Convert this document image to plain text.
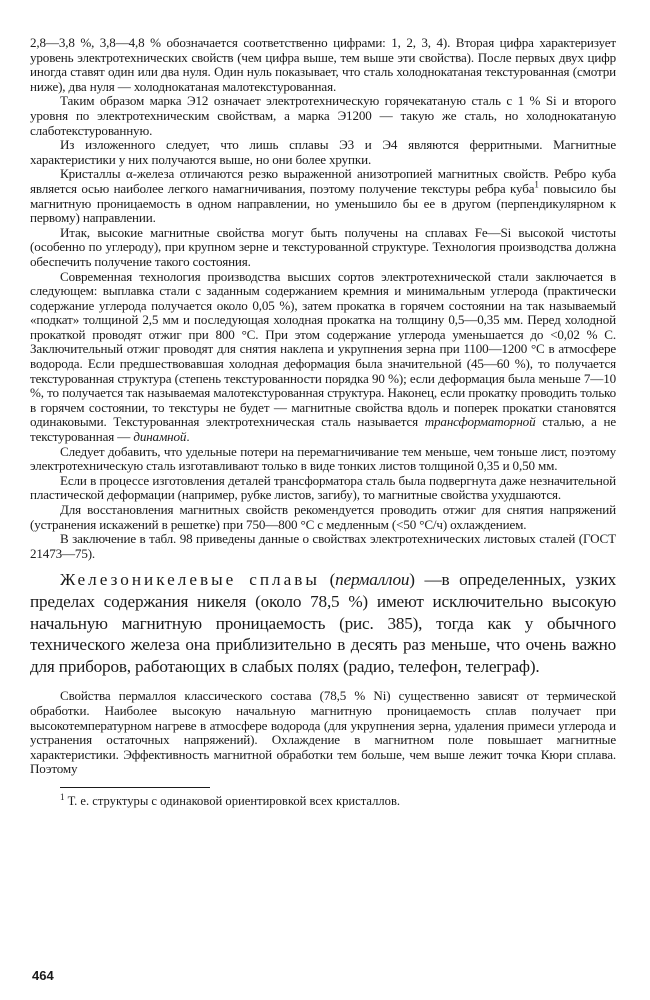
2,8—3,8 %, 3,8—4,8 % обозначается соответственно цифрами: 1, 2, 3, 4). Вторая цифра характеризует уровень электротехнических свойств (чем цифра выше, тем выше эти свойства). После первых двух цифр иногда ставят один или два нуля. Один нуль показывает, что сталь холоднокатаная текстурованная (смотри ниже), два нуля — холоднокатаная малотекстурованная.

Таким образом марка Э12 означает электротехническую горячекатаную сталь с 1 % Si и второго уровня по электротехническим свойствам, а марка Э1200 — такую же сталь, но холоднокатаную слаботекстурованную.

Из изложенного следует, что лишь сплавы Э3 и Э4 являются ферритными. Магнитные характеристики у них получаются выше, но они более хрупки.

Кристаллы α-железа отличаются резко выраженной анизотропией магнитных свойств. Ребро куба является осью наиболее легкого намагничивания, поэтому получение текстуры ребра куба$^1$ повысило бы магнитную проницаемость в одном направлении, но уменьшило бы ее в другом (перпендикулярном к первому) направлении.

Итак, высокие магнитные свойства могут быть получены на сплавах Fe—Si высокой чистоты (особенно по углероду), при крупном зерне и текстурованной структуре. Технология производства должна обеспечить получение такого состояния.

Современная технология производства высших сортов электротехнической стали заключается в следующем: выплавка стали с заданным содержанием кремния и минимальным углерода (практически содержание углерода получается около 0,05 %), затем прокатка в горячем состоянии на так называемый «подкат» толщиной 2,5 мм и последующая холодная прокатка на толщину 0,5—0,35 мм. Перед холодной прокаткой проводят отжиг при 800 °С. При этом содержание углерода уменьшается до <0,02 % С. Заключительный отжиг проводят для снятия наклепа и укрупнения зерна при 1100—1200 °С в атмосфере водорода. Если предшествовавшая холодная деформация была значительной (45—60 %), то получается текстурованная структура (степень текстурованности порядка 90 %); если деформация была меньше 7—10 %, то получается так называемая малотекстурованная структура. Наконец, если прокатку проводить только в горячем состоянии, то текстуры не будет — магнитные свойства вдоль и поперек прокатки становятся одинаковыми. Текстурованная электротехническая сталь называется трансформаторной сталью, а не текстурованная — динамной.

Следует добавить, что удельные потери на перемагничивание тем меньше, чем тоньше лист, поэтому электротехническую сталь изготавливают только в виде тонких листов толщиной 0,35 и 0,50 мм.

Если в процессе изготовления деталей трансформатора сталь была подвергнута даже незначительной пластической деформации (например, рубке листов, загибу), то магнитные свойства ухудшаются.

Для восстановления магнитных свойств рекомендуется проводить отжиг для снятия напряжений (устранения искажений в решетке) при 750—800 °С с медленным (<50 °С/ч) охлаждением.

В заключение в табл. 98 приведены данные о свойствах электротехнических листовых сталей (ГОСТ 21473—75).

Железоникелевые сплавы (пермаллои) —в определенных, узких пределах содержания никеля (около 78,5 %) имеют исключительно высокую начальную магнитную проницаемость (рис. 385), тогда как у обычного технического железа она приблизительно в десять раз меньше, что очень важно для приборов, работающих в слабых полях (радио, телефон, телеграф).

Свойства пермаллоя классического состава (78,5 % Ni) существенно зависят от термической обработки. Наиболее высокую начальную магнитную проницаемость сплав получает при высокотемпературном нагреве в атмосфере водорода (для укрупнения зерна, удаления примеси углерода и устранения остаточных напряжений). Охлаждение в магнитном поле повышает магнитные характеристики. Эффективность магнитной обработки тем больше, чем выше лежит точка Кюри сплава. Поэтому

$^1$ Т. е. структуры с одинаковой ориентировкой всех кристаллов.

464
